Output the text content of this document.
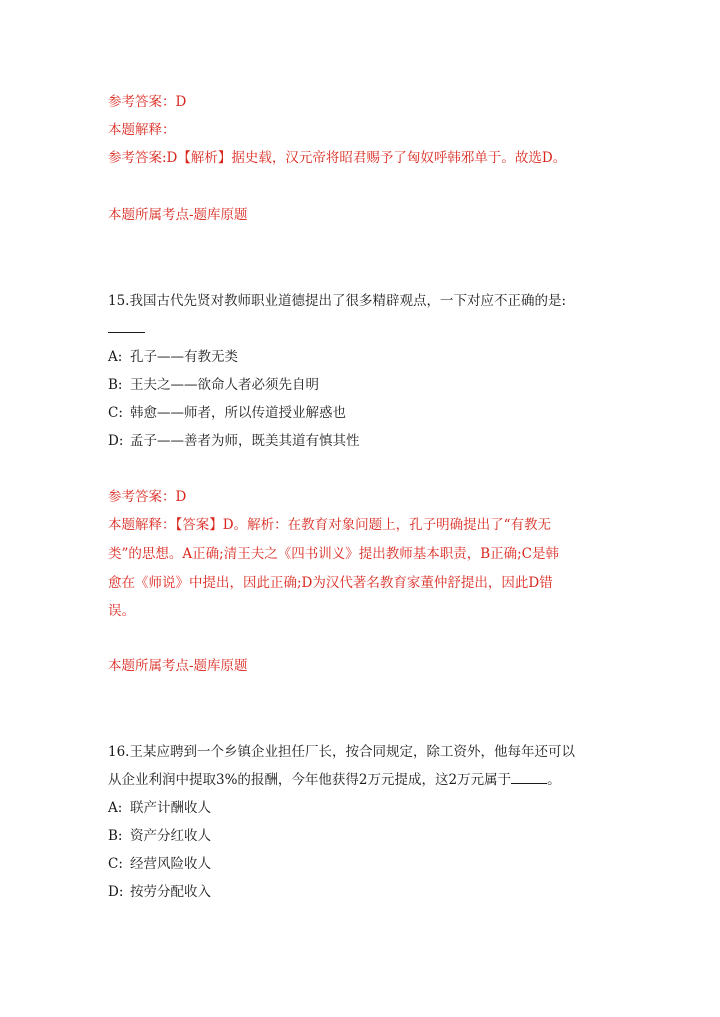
参考答案：D
本题解释：
参考答案:D【解析】据史载，汉元帝将昭君赐予了匈奴呼韩邪单于。故选D。
本题所属考点-题库原题
15.我国古代先贤对教师职业道德提出了很多精辟观点，一下对应不正确的是:
A: 孔子——有教无类
B: 王夫之——欲命人者必须先自明
C: 韩愈——师者，所以传道授业解惑也
D: 孟子——善者为师，既美其道有慎其性
参考答案：D
本题解释：【答案】D。解析：在教育对象问题上，孔子明确提出了“有教无
类”的思想。A正确;清王夫之《四书训义》提出教师基本职责，B正确;C是韩
愈在《师说》中提出，因此正确;D为汉代著名教育家董仲舒提出，因此D错
误。
本题所属考点-题库原题
16.王某应聘到一个乡镇企业担任厂长，按合同规定，除工资外，他每年还可以
从企业利润中提取3%的报酬，今年他获得2万元提成，这2万元属于	。
A: 联产计酬收人
B: 资产分红收人
C: 经营风险收人
D: 按劳分配收入
